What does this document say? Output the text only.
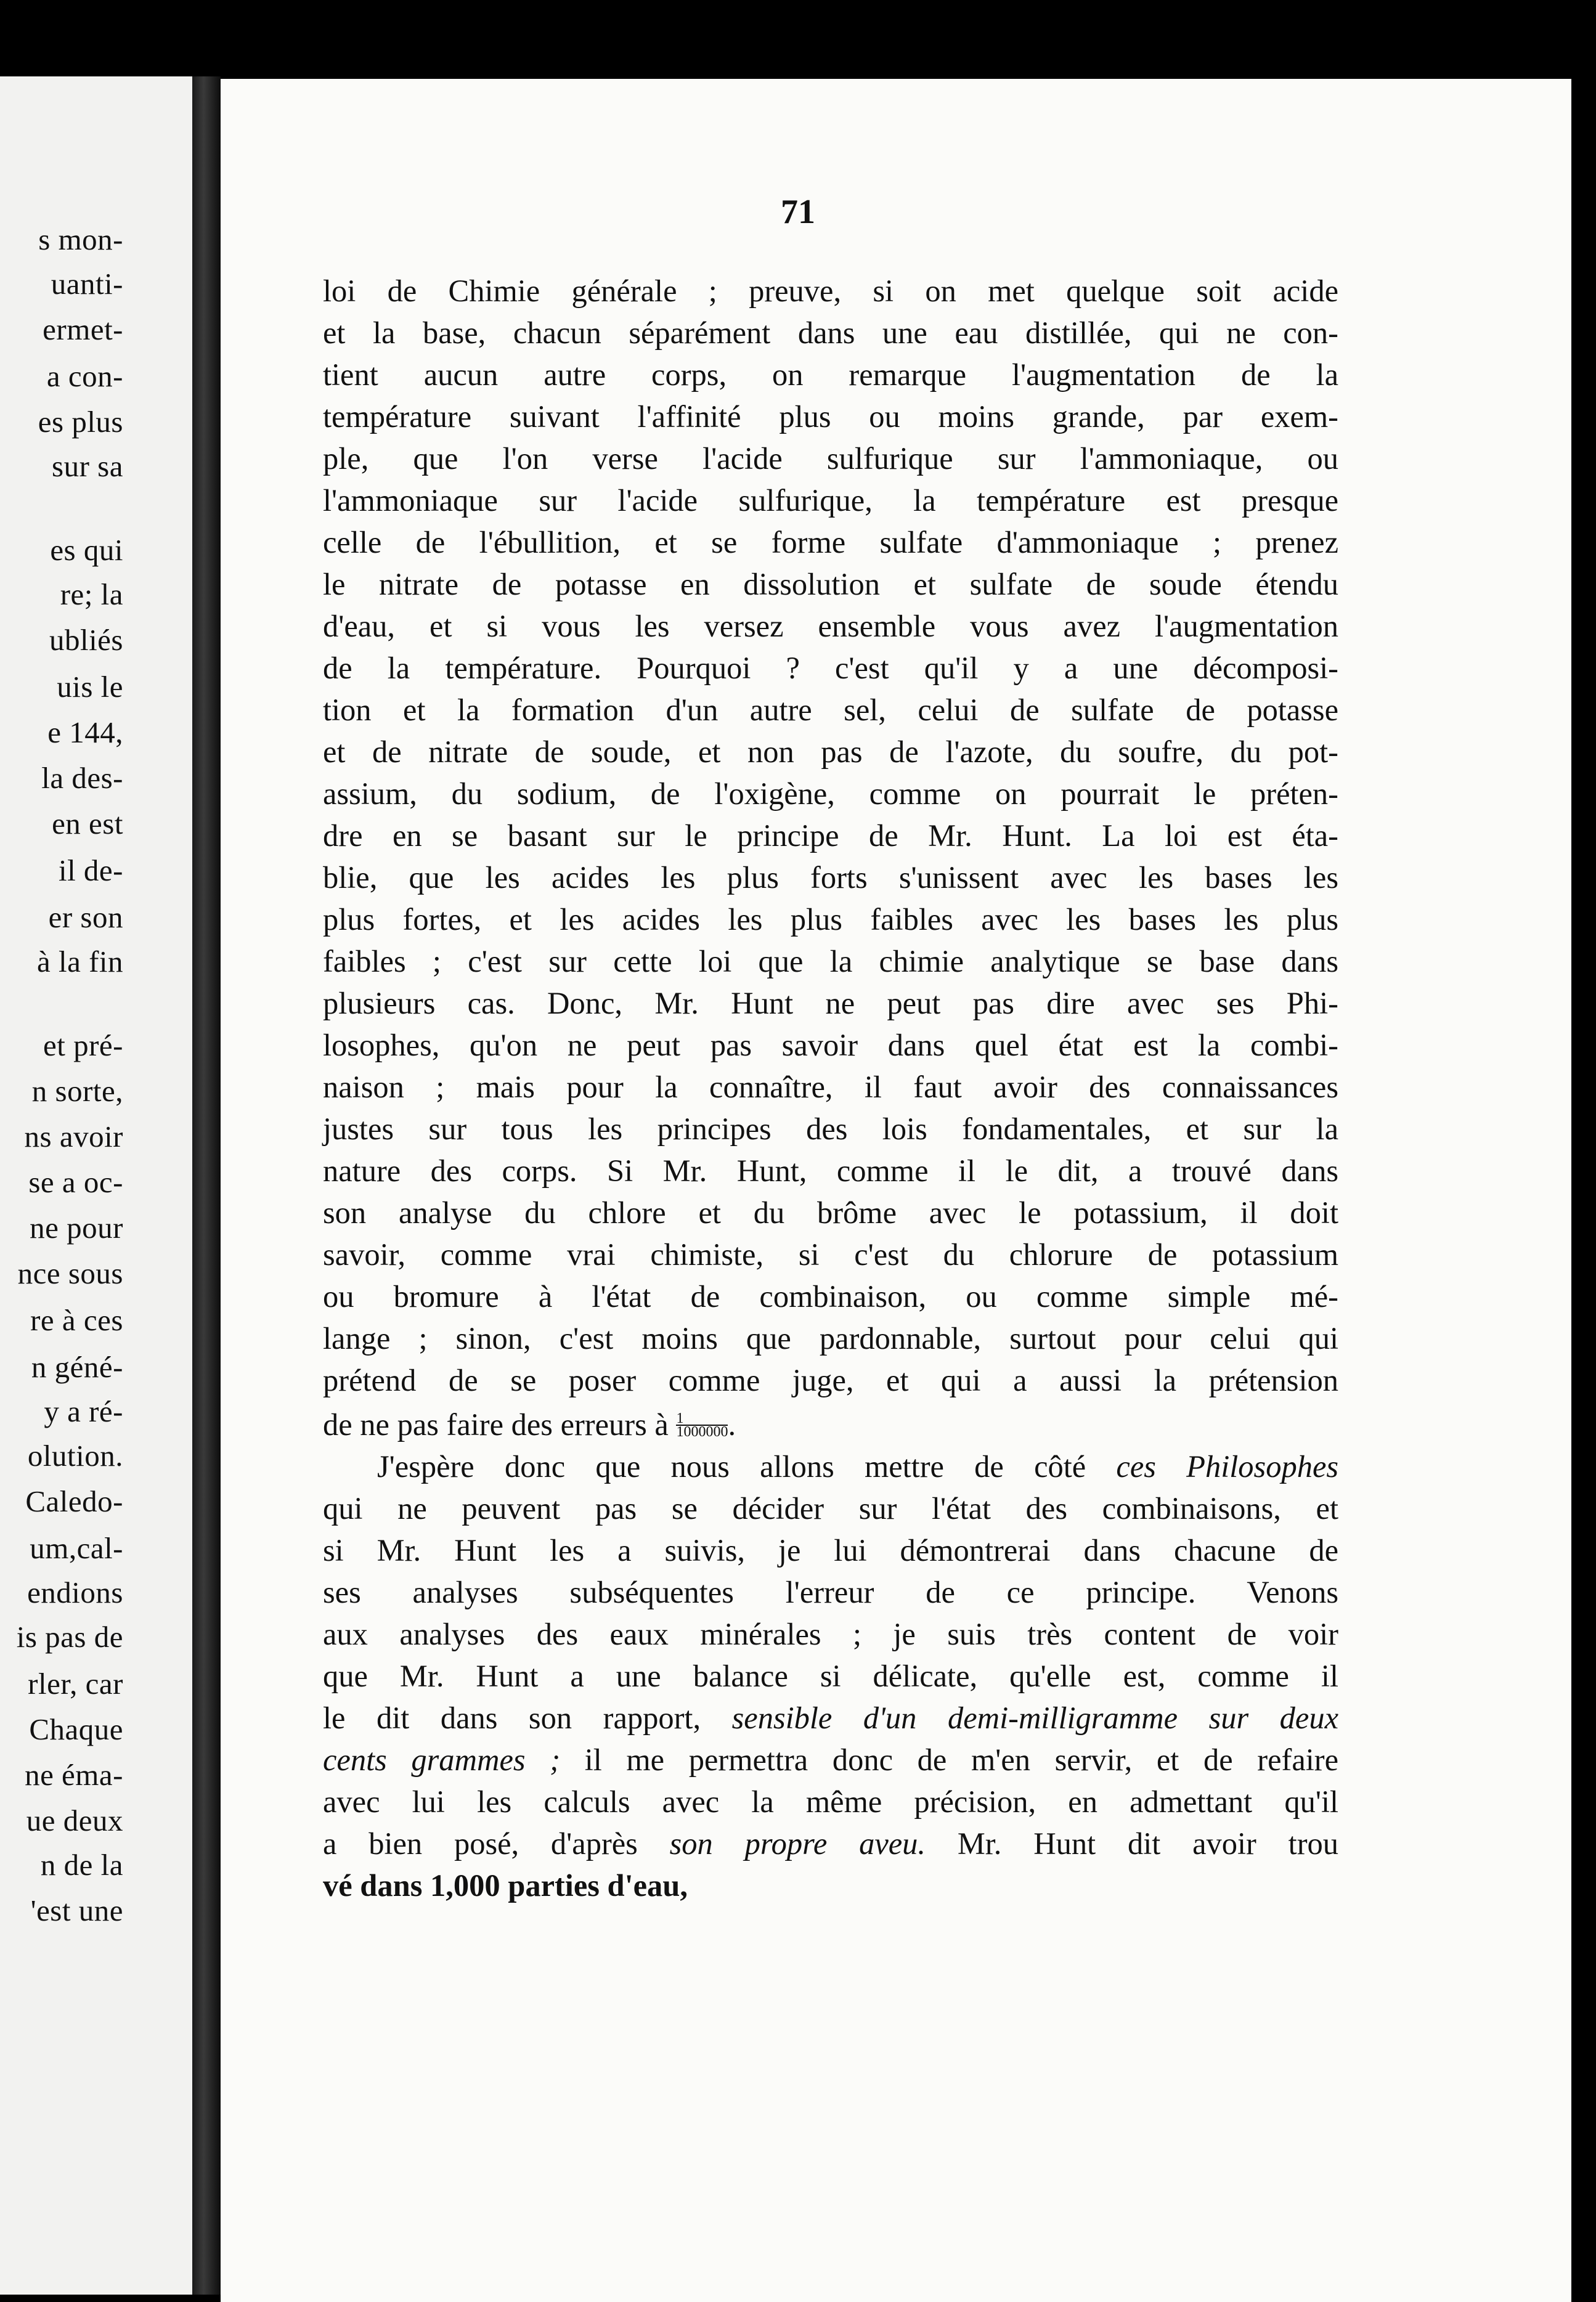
s mon-
uanti-
ermet-
a con-
es plus
sur sa
es qui
re; la
ubliés
uis le
e 144,
la des-
en est
il de-
er son
à la fin
et pré-
n sorte,
ns avoir
se a oc-
ne pour
nce sous
re à ces
n géné-
y a ré-
olution.
Caledo-
um,cal-
endions
is pas de
rler, car
Chaque
ne éma-
ue deux
n de la
'est une
71
loi de Chimie générale ; preuve, si on met quelque soit acide
et la base, chacun séparément dans une eau distillée, qui ne con-
tient aucun autre corps, on remarque l'augmentation de la
température suivant l'affinité plus ou moins grande, par exem-
ple, que l'on verse l'acide sulfurique sur l'ammoniaque, ou
l'ammoniaque sur l'acide sulfurique, la température est presque
celle de l'ébullition, et se forme sulfate d'ammoniaque ; prenez
le nitrate de potasse en dissolution et sulfate de soude étendu
d'eau, et si vous les versez ensemble vous avez l'augmentation
de la température. Pourquoi ? c'est qu'il y a une décomposi-
tion et la formation d'un autre sel, celui de sulfate de potasse
et de nitrate de soude, et non pas de l'azote, du soufre, du pot-
assium, du sodium, de l'oxigène, comme on pourrait le préten-
dre en se basant sur le principe de Mr. Hunt. La loi est éta-
blie, que les acides les plus forts s'unissent avec les bases les
plus fortes, et les acides les plus faibles avec les bases les plus
faibles ; c'est sur cette loi que la chimie analytique se base dans
plusieurs cas. Donc, Mr. Hunt ne peut pas dire avec ses Phi-
losophes, qu'on ne peut pas savoir dans quel état est la combi-
naison ; mais pour la connaître, il faut avoir des connaissances
justes sur tous les principes des lois fondamentales, et sur la
nature des corps. Si Mr. Hunt, comme il le dit, a trouvé dans
son analyse du chlore et du brôme avec le potassium, il doit
savoir, comme vrai chimiste, si c'est du chlorure de potassium
ou bromure à l'état de combinaison, ou comme simple mé-
lange ; sinon, c'est moins que pardonnable, surtout pour celui qui
prétend de se poser comme juge, et qui a aussi la prétension
de ne pas faire des erreurs à $\frac{1}{1000000}$.
J'espère donc que nous allons mettre de côté ces Philosophes
qui ne peuvent pas se décider sur l'état des combinaisons, et
si Mr. Hunt les a suivis, je lui démontrerai dans chacune de
ses analyses subséquentes l'erreur de ce principe. Venons
aux analyses des eaux minérales ; je suis très content de voir
que Mr. Hunt a une balance si délicate, qu'elle est, comme il
le dit dans son rapport, sensible d'un demi-milligramme sur deux
cents grammes ; il me permettra donc de m'en servir, et de refaire
avec lui les calculs avec la même précision, en admettant qu'il
a bien posé, d'après son propre aveu. Mr. Hunt dit avoir trou
vé dans 1,000 parties d'eau,
